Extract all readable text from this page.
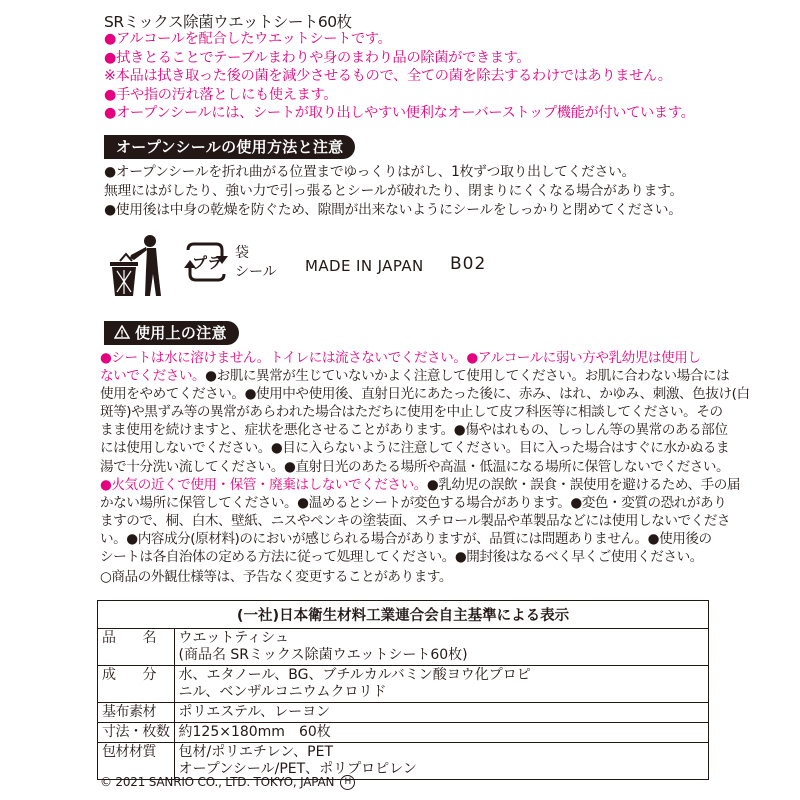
SRミックス除菌ウエットシート60枚
●アルコールを配合したウエットシートです。
●拭きとることでテーブルまわりや身のまわり品の除菌ができます。
※本品は拭き取った後の菌を減少させるもので、全ての菌を除去するわけではありません。
●手や指の汚れ落としにも使えます。
●オープンシールには、シートが取り出しやすい便利なオーバーストップ機能が付いています。
オープンシールの使用方法と注意
●オープンシールを折れ曲がる位置までゆっくりはがし、1枚ずつ取り出してください。
無理にはがしたり、強い力で引っ張るとシールが破れたり、閉まりにくくなる場合があります。
●使用後は中身の乾燥を防ぐため、隙間が出来ないようにシールをしっかりと閉めてください。
プラ
袋
シール MADE IN JAPAN B02
使用上の注意
●シートは水に溶けません。トイレには流さないでください。●アルコールに弱い方や乳幼児は使用し
ないでください。●お肌に異常が生じていないかよく注意して使用してください。お肌に合わない場合には
使用をやめてください。●使用中や使用後、直射日光にあたった後に、赤み、はれ、かゆみ、刺激、色抜け(白
斑等)や黒ずみ等の異常があらわれた場合はただちに使用を中止して皮フ科医等に相談してください。その
まま使用を続けますと、症状を悪化させることがあります。●傷やはれもの、しっしん等の異常のある部位
には使用しないでください。●目に入らないように注意してください。目に入った場合はすぐに水かぬるま
湯で十分洗い流してください。●直射日光のあたる場所や高温・低温になる場所に保管しないでください。
●火気の近くで使用・保管・廃棄はしないでください。●乳幼児の誤飲・誤食・誤使用を避けるため、手の届
かない場所に保管してください。●温めるとシートが変色する場合があります。●変色・変質の恐れがあり
ますので、桐、白木、壁紙、ニスやペンキの塗装面、スチロール製品や革製品などには使用しないでくださ
い。●内容成分(原材料)のにおいが感じられる場合がありますが、品質には問題ありません。●使用後の
シートは各自治体の定める方法に従って処理してください。●開封後はなるべく早くご使用ください。
○商品の外観仕様等は、予告なく変更することがあります。
(一社)日本衛生材料工業連合会自主基準による表示	
品　　名	ウエットティシュ
(商品名 SRミックス除菌ウエットシート60枚)
成　　分	水、エタノール、BG、ブチルカルバミン酸ヨウ化プロピ
ニル、ベンザルコニウムクロリド
基布素材	ポリエステル、レーヨン
寸法・枚数	約125×180mm　60枚
包材材質	包材/ポリエチレン、PET
オープンシール/PET、ポリプロピレン
© 2021 SANRIO CO., LTD. TOKYO, JAPAN H
